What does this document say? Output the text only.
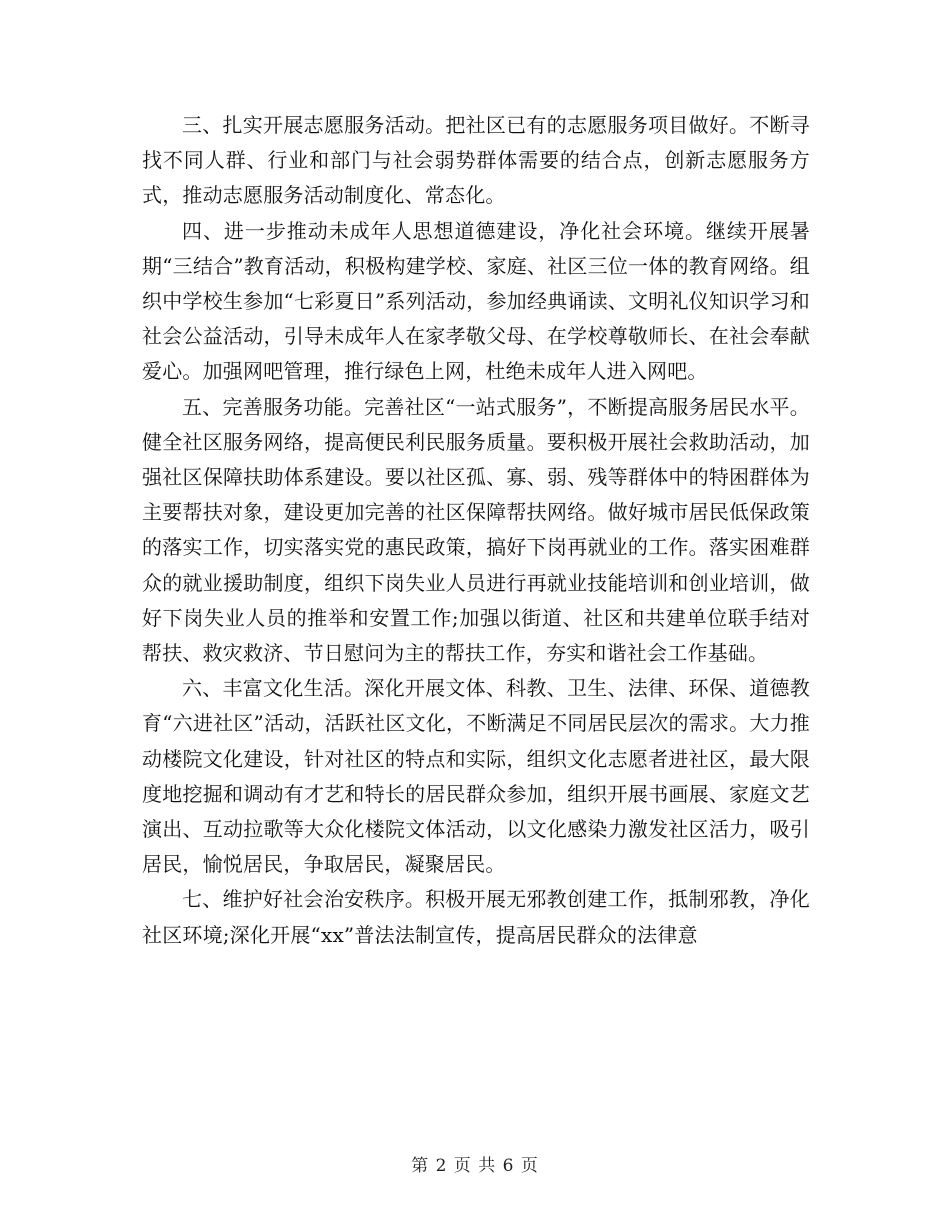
三、扎实开展志愿服务活动。把社区已有的志愿服务项目做好。不断寻找不同人群、行业和部门与社会弱势群体需要的结合点，创新志愿服务方式，推动志愿服务活动制度化、常态化。

四、进一步推动未成年人思想道德建设，净化社会环境。继续开展暑期“三结合”教育活动，积极构建学校、家庭、社区三位一体的教育网络。组织中学校生参加“七彩夏日”系列活动，参加经典诵读、文明礼仪知识学习和社会公益活动，引导未成年人在家孝敬父母、在学校尊敬师长、在社会奉献爱心。加强网吧管理，推行绿色上网，杜绝未成年人进入网吧。

五、完善服务功能。完善社区“一站式服务”，不断提高服务居民水平。健全社区服务网络，提高便民利民服务质量。要积极开展社会救助活动，加强社区保障扶助体系建设。要以社区孤、寡、弱、残等群体中的特困群体为主要帮扶对象，建设更加完善的社区保障帮扶网络。做好城市居民低保政策的落实工作，切实落实党的惠民政策，搞好下岗再就业的工作。落实困难群众的就业援助制度，组织下岗失业人员进行再就业技能培训和创业培训，做好下岗失业人员的推举和安置工作;加强以街道、社区和共建单位联手结对帮扶、救灾救济、节日慰问为主的帮扶工作，夯实和谐社会工作基础。

六、丰富文化生活。深化开展文体、科教、卫生、法律、环保、道德教育“六进社区”活动，活跃社区文化，不断满足不同居民层次的需求。大力推动楼院文化建设，针对社区的特点和实际，组织文化志愿者进社区，最大限度地挖掘和调动有才艺和特长的居民群众参加，组织开展书画展、家庭文艺演出、互动拉歌等大众化楼院文体活动，以文化感染力激发社区活力，吸引居民，愉悦居民，争取居民，凝聚居民。

七、维护好社会治安秩序。积极开展无邪教创建工作，抵制邪教，净化社区环境;深化开展“xx”普法法制宣传，提高居民群众的法律意

第 2 页 共 6 页
